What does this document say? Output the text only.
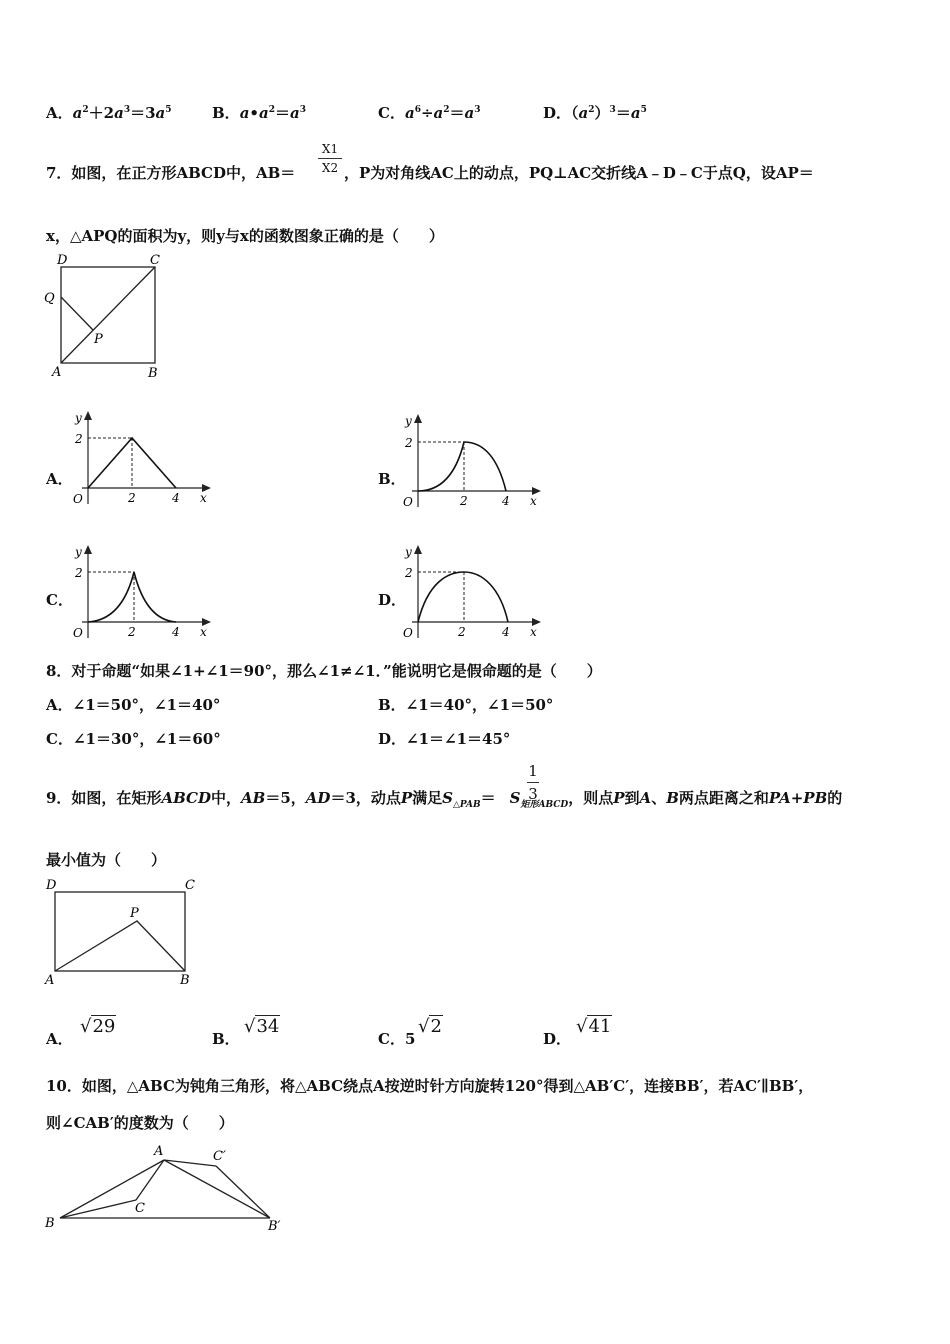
A．$a^2+2a^3=3a^5$	B．$a•a^2=a^3$	C．$a^6\div a^2=a^3$	D．$(a^2)^3=a^5$
7．如图，在正方形ABCD中，AB＝
X1
X2 ，P为对角线AC上的动点，PQ⊥AC交折线A﹣D﹣C于点Q，设AP＝
x，△APQ的面积为y，则y与x的函数图象正确的是（　　）
D	C
Q
P
A	B
A．	B．
C．	D．
y
2
O	2	4 x
y
2
O	2	4 x
y
2
O	2	4 x
y
2
O	2	4 x
8．对于命题“如果∠1+∠1＝90°，那么∠1≠∠1．”能说明它是假命题的是（　　）
A．∠1＝50°，∠1＝40°	B．∠1＝40°，∠1＝50°
C．∠1＝30°，∠1＝60°	D．∠1＝∠1＝45°
9．如图，在矩形ABCD中，AB＝5，AD＝3，动点P满足$S_{\triangle PAB}= S_{矩形ABCD}$，则点P到A、B两点距离之和PA+PB的
1
3
最小值为（　　）
D	C
P
A	B
A．
√29
B．
√34
C．5
√2
D．
√41
10．如图，△ABC为钝角三角形，将△ABC绕点A按逆时针方向旋转120°得到△AB′C′，连接BB′，若AC′∥BB′，
则∠CAB′的度数为（　　）
A	C′
C
B	B′
